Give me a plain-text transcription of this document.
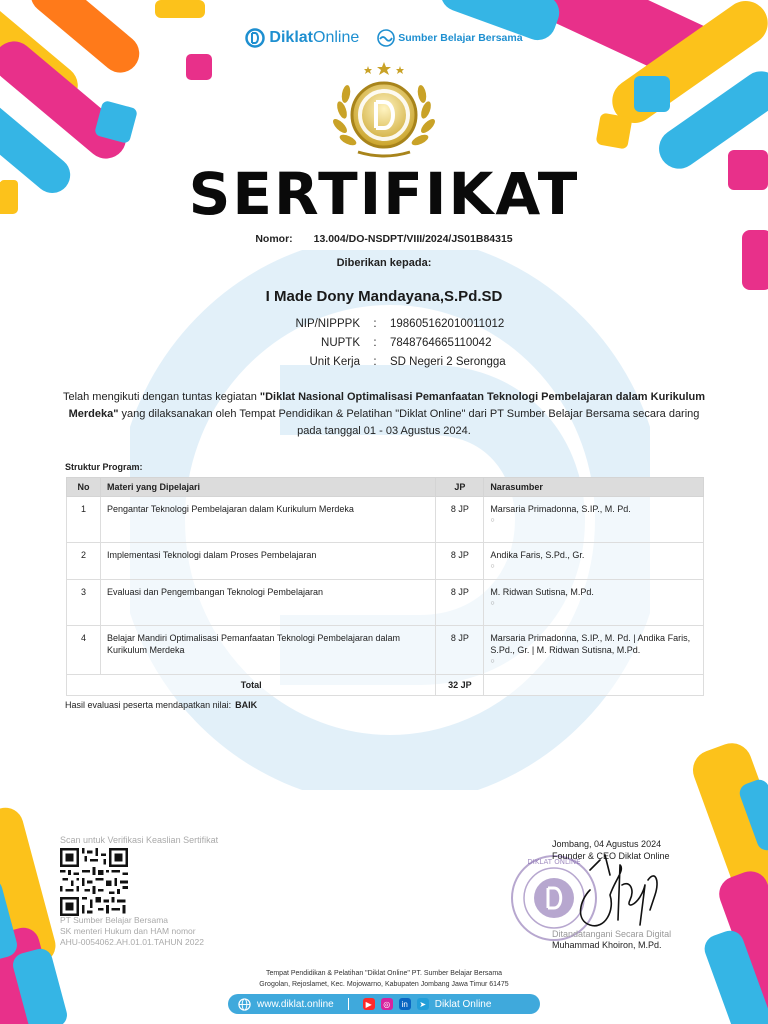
DiklatOnline	Sumber Belajar Bersama
SERTIFIKAT
Nomor: 13.004/DO-NSDPT/VIII/2024/JS01B84315
Diberikan kepada:
I Made Dony Mandayana,S.Pd.SD
NIP/NIPPPK	:	198605162010011012
NUPTK	:	7848764665110042
Unit Kerja	:	SD Negeri 2 Serongga
Telah mengikuti dengan tuntas kegiatan "Diklat Nasional Optimalisasi Pemanfaatan Teknologi Pembelajaran dalam Kurikulum Merdeka" yang dilaksanakan oleh Tempat Pendidikan & Pelatihan "Diklat Online" dari PT Sumber Belajar Bersama secara daring pada tanggal 01 - 03 Agustus 2024.
Struktur Program:
No	Materi yang Dipelajari	JP	Narasumber
1	Pengantar Teknologi Pembelajaran dalam Kurikulum Merdeka	8 JP	Marsaria Primadonna, S.IP., M. Pd.
○

2	Implementasi Teknologi dalam Proses Pembelajaran	8 JP	Andika Faris, S.Pd., Gr.
○

3	Evaluasi dan Pengembangan Teknologi Pembelajaran	8 JP	M. Ridwan Sutisna, M.Pd.
○

4	Belajar Mandiri Optimalisasi Pemanfaatan Teknologi Pembelajaran dalam Kurikulum Merdeka	8 JP	Marsaria Primadonna, S.IP., M. Pd. | Andika Faris, S.Pd., Gr. | M. Ridwan Sutisna, M.Pd.
○

Total		32 JP	
Hasil evaluasi peserta mendapatkan nilai: BAIK
Scan untuk Verifikasi Keaslian Sertifikat
PT Sumber Belajar Bersama
SK menteri Hukum dan HAM nomor
AHU-0054062.AH.01.01.TAHUN 2022
DIKLAT ONLINE
Jombang, 04 Agustus 2024
Founder & CEO Diklat Online
Ditandatangani Secara Digital
Muhammad Khoiron, M.Pd.
Tempat Pendidikan & Pelatihan "Diklat Online" PT. Sumber Belajar Bersama
Grogolan, Rejoslamet, Kec. Mojowarno, Kabupaten Jombang Jawa Timur 61475
www.diklat.online	▶	◎	in	➤ Diklat Online
